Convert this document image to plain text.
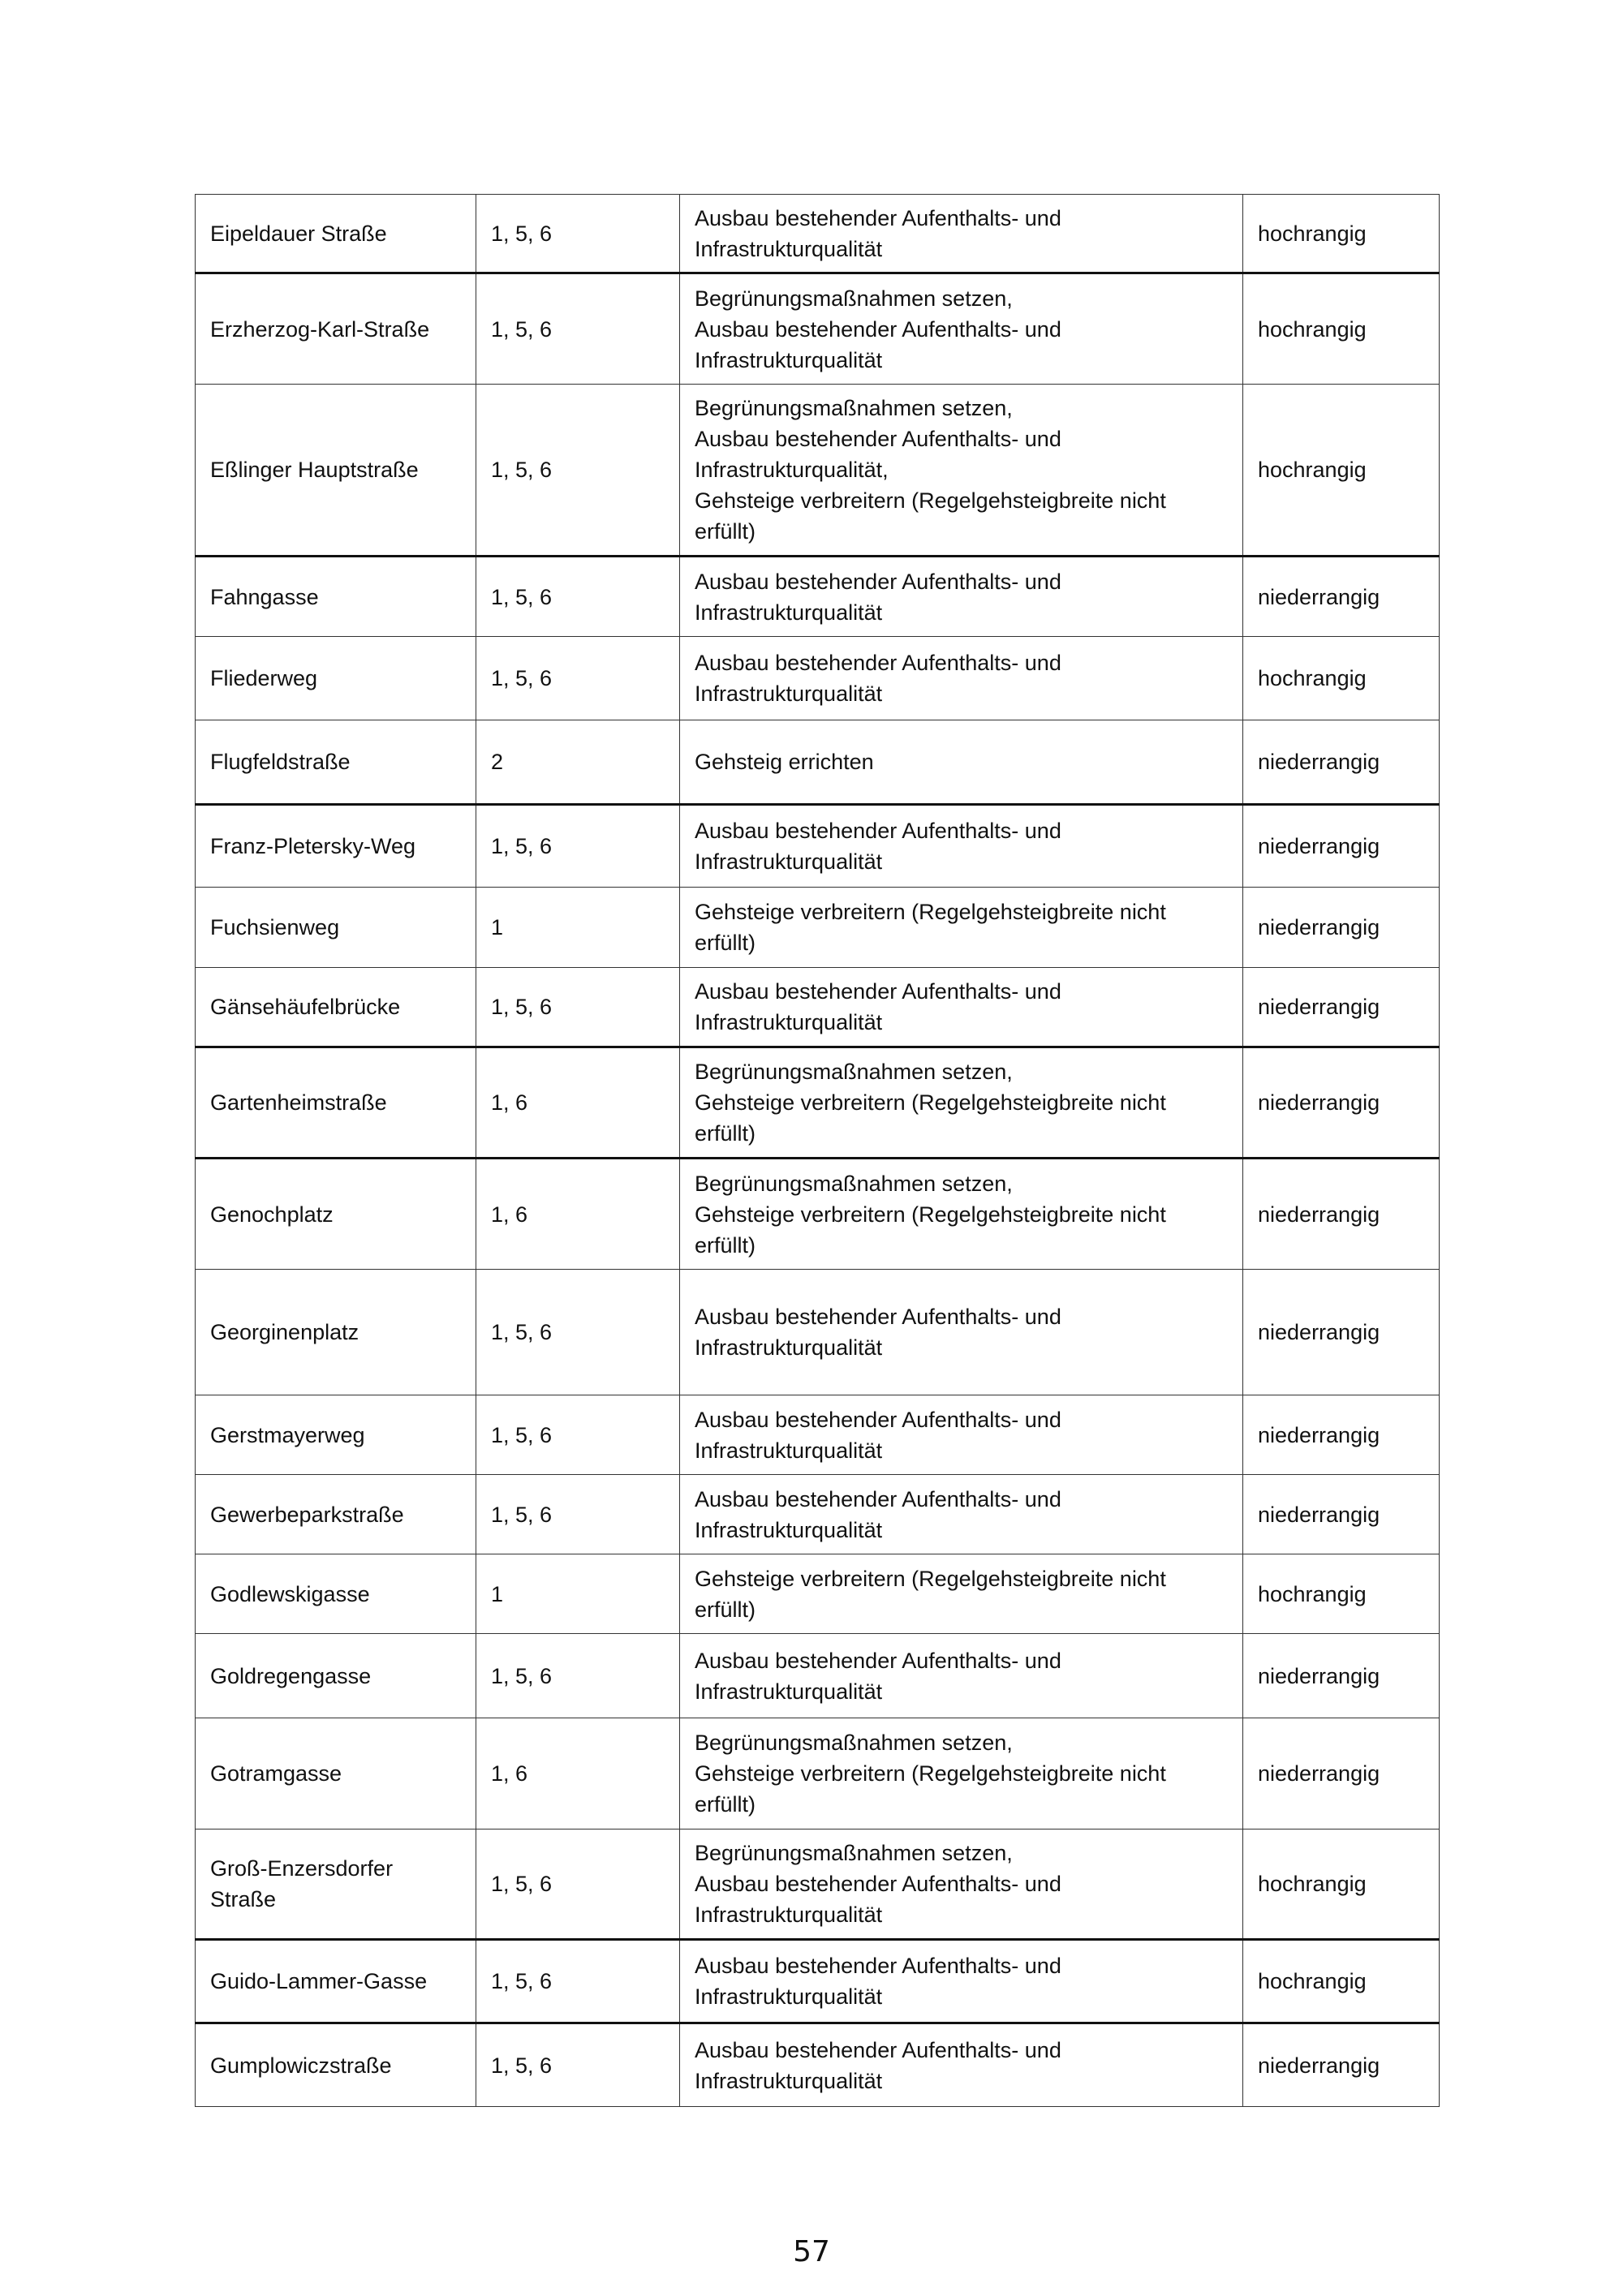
Eipeldauer Straße	1, 5, 6	Ausbau bestehender Aufenthalts- und
Infrastrukturqualität	hochrangig

Erzherzog-Karl-Straße	1, 5, 6	Begrünungsmaßnahmen setzen,
Ausbau bestehender Aufenthalts- und
Infrastrukturqualität	hochrangig

Eßlinger Hauptstraße	1, 5, 6	Begrünungsmaßnahmen setzen,
Ausbau bestehender Aufenthalts- und
Infrastrukturqualität,
Gehsteige verbreitern (Regelgehsteigbreite nicht
erfüllt)	hochrangig

Fahngasse	1, 5, 6	Ausbau bestehender Aufenthalts- und
Infrastrukturqualität	niederrangig

Fliederweg	1, 5, 6	Ausbau bestehender Aufenthalts- und
Infrastrukturqualität	hochrangig

Flugfeldstraße	2	Gehsteig errichten	niederrangig

Franz-Pletersky-Weg	1, 5, 6	Ausbau bestehender Aufenthalts- und
Infrastrukturqualität	niederrangig

Fuchsienweg	1	Gehsteige verbreitern (Regelgehsteigbreite nicht
erfüllt)	niederrangig

Gänsehäufelbrücke	1, 5, 6	Ausbau bestehender Aufenthalts- und
Infrastrukturqualität	niederrangig

Gartenheimstraße	1, 6	Begrünungsmaßnahmen setzen,
Gehsteige verbreitern (Regelgehsteigbreite nicht
erfüllt)	niederrangig

Genochplatz	1, 6	Begrünungsmaßnahmen setzen,
Gehsteige verbreitern (Regelgehsteigbreite nicht
erfüllt)	niederrangig

Georginenplatz	1, 5, 6	Ausbau bestehender Aufenthalts- und
Infrastrukturqualität	niederrangig

Gerstmayerweg	1, 5, 6	Ausbau bestehender Aufenthalts- und
Infrastrukturqualität	niederrangig

Gewerbeparkstraße	1, 5, 6	Ausbau bestehender Aufenthalts- und
Infrastrukturqualität	niederrangig

Godlewskigasse	1	Gehsteige verbreitern (Regelgehsteigbreite nicht
erfüllt)	hochrangig

Goldregengasse	1, 5, 6	Ausbau bestehender Aufenthalts- und
Infrastrukturqualität	niederrangig

Gotramgasse	1, 6	Begrünungsmaßnahmen setzen,
Gehsteige verbreitern (Regelgehsteigbreite nicht
erfüllt)	niederrangig

Groß-Enzersdorfer
Straße	1, 5, 6	Begrünungsmaßnahmen setzen,
Ausbau bestehender Aufenthalts- und
Infrastrukturqualität	hochrangig

Guido-Lammer-Gasse	1, 5, 6	Ausbau bestehender Aufenthalts- und
Infrastrukturqualität	hochrangig

Gumplowiczstraße	1, 5, 6	Ausbau bestehender Aufenthalts- und
Infrastrukturqualität	niederrangig
57
